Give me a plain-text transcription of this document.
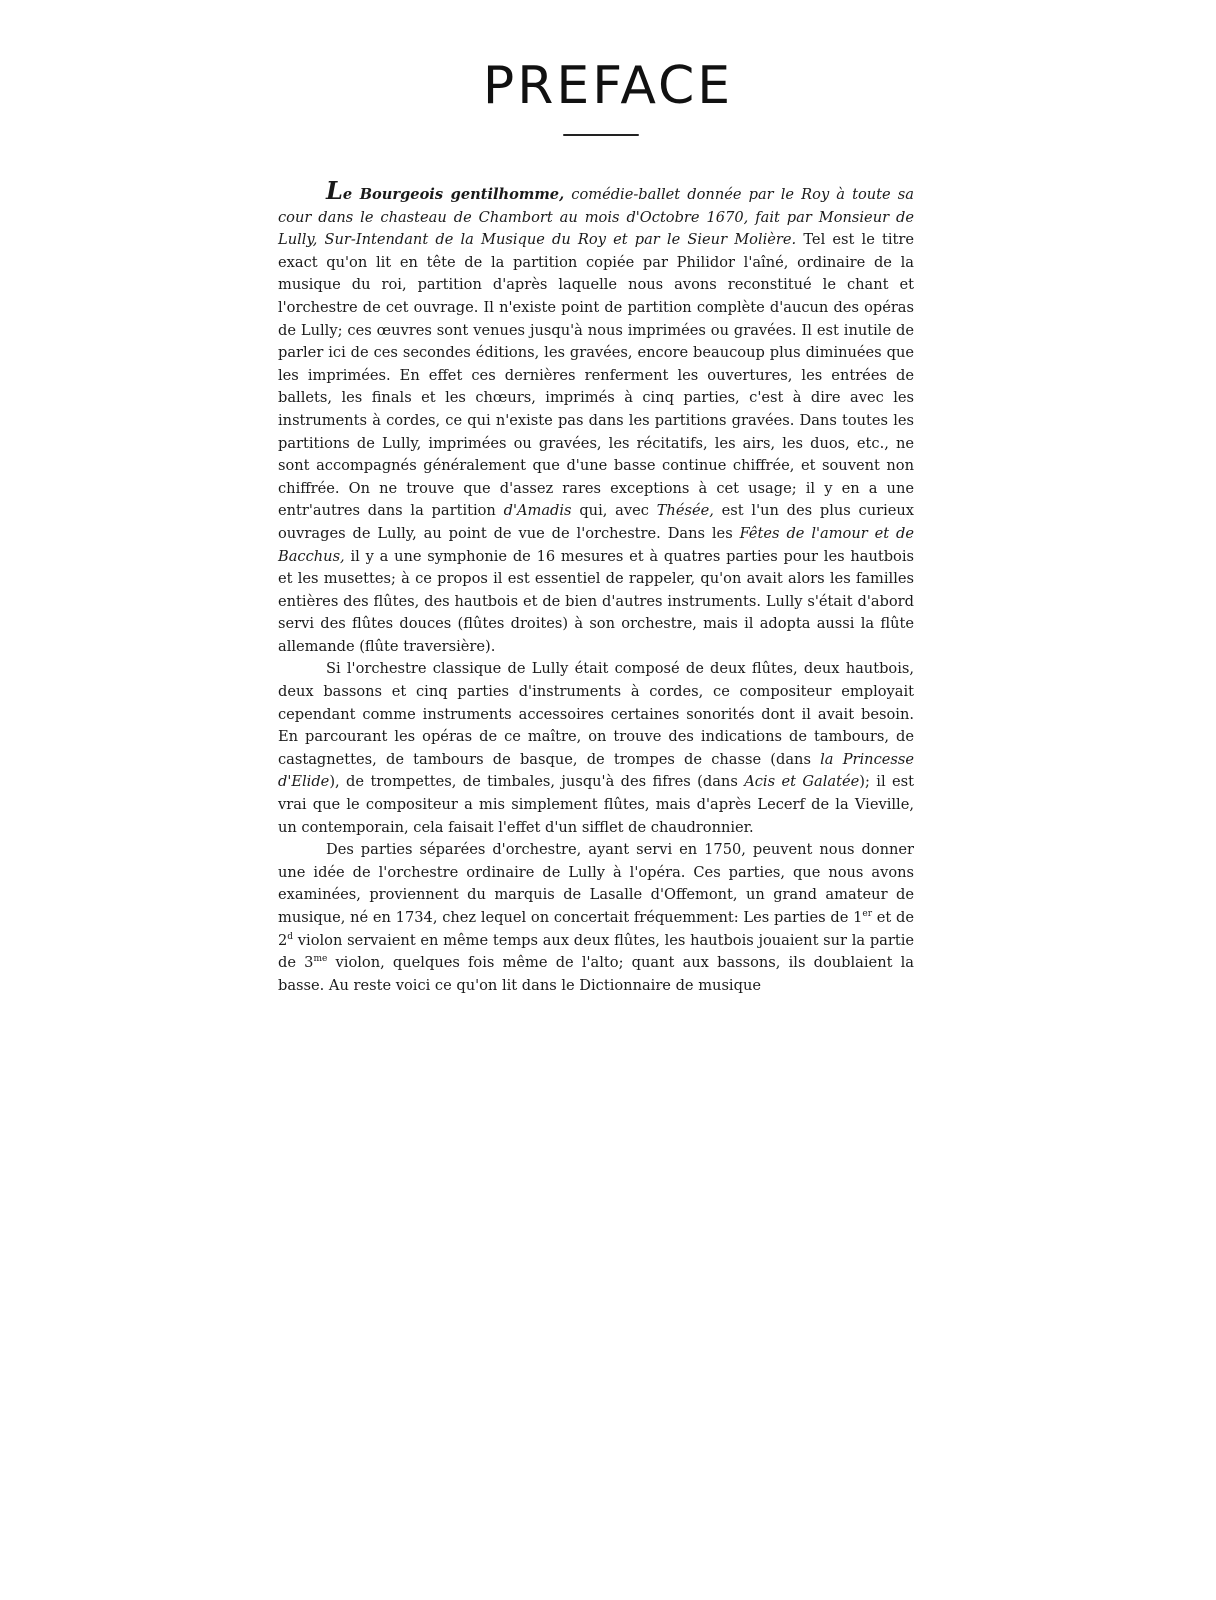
PREFACE

Le Bourgeois gentilhomme, comédie-ballet donnée par le Roy à toute sa cour dans le chasteau de Chambort au mois d'Octobre 1670, fait par Monsieur de Lully, Sur-Intendant de la Musique du Roy et par le Sieur Molière. Tel est le titre exact qu'on lit en tête de la partition copiée par Philidor l'aîné, ordinaire de la musique du roi, partition d'après laquelle nous avons reconstitué le chant et l'orchestre de cet ouvrage. Il n'existe point de partition complète d'aucun des opéras de Lully; ces œuvres sont venues jusqu'à nous imprimées ou gravées. Il est inutile de parler ici de ces secondes éditions, les gravées, encore beaucoup plus diminuées que les imprimées. En effet ces dernières renferment les ouvertures, les entrées de ballets, les finals et les chœurs, imprimés à cinq parties, c'est à dire avec les instruments à cordes, ce qui n'existe pas dans les partitions gravées. Dans toutes les partitions de Lully, imprimées ou gravées, les récitatifs, les airs, les duos, etc., ne sont accompagnés généralement que d'une basse continue chiffrée, et souvent non chiffrée. On ne trouve que d'assez rares exceptions à cet usage; il y en a une entr'autres dans la partition d'Amadis qui, avec Thésée, est l'un des plus curieux ouvrages de Lully, au point de vue de l'orchestre. Dans les Fêtes de l'amour et de Bacchus, il y a une symphonie de 16 mesures et à quatres parties pour les hautbois et les musettes; à ce propos il est essentiel de rappeler, qu'on avait alors les familles entières des flûtes, des hautbois et de bien d'autres instruments. Lully s'était d'abord servi des flûtes douces (flûtes droites) à son orchestre, mais il adopta aussi la flûte allemande (flûte traversière).

Si l'orchestre classique de Lully était composé de deux flûtes, deux hautbois, deux bassons et cinq parties d'instruments à cordes, ce compositeur employait cependant comme instruments accessoires certaines sonorités dont il avait besoin. En parcourant les opéras de ce maître, on trouve des indications de tambours, de castagnettes, de tambours de basque, de trompes de chasse (dans la Princesse d'Elide), de trompettes, de timbales, jusqu'à des fifres (dans Acis et Galatée); il est vrai que le compositeur a mis simplement flûtes, mais d'après Lecerf de la Vieville, un contemporain, cela faisait l'effet d'un sifflet de chaudronnier.

Des parties séparées d'orchestre, ayant servi en 1750, peuvent nous donner une idée de l'orchestre ordinaire de Lully à l'opéra. Ces parties, que nous avons examinées, proviennent du marquis de Lasalle d'Offemont, un grand amateur de musique, né en 1734, chez lequel on concertait fréquemment: Les parties de 1er et de 2$^d$ violon servaient en même temps aux deux flûtes, les hautbois jouaient sur la partie de $3^{me}$ violon, quelques fois même de l'alto; quant aux bassons, ils doublaient la basse. Au reste voici ce qu'on lit dans le Dictionnaire de musique
